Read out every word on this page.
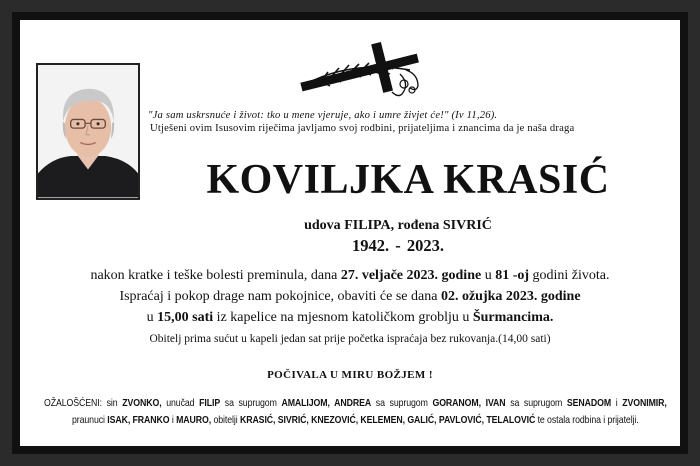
"Ja sam uskrsnuće i život: tko u mene vjeruje, ako i umre živjet će!" (Iv 11,26).
Utješeni ovim Isusovim riječima javljamo svoj rodbini, prijateljima i znancima da je naša draga
KOVILJKA KRASIĆ
udova FILIPA, rođena SIVRIĆ
1942. - 2023.
nakon kratke i teške bolesti preminula, dana 27. veljače 2023. godine u 81 -oj godini života.
Ispraćaj i pokop drage nam pokojnice, obaviti će se dana 02. ožujka 2023. godine
u 15,00 sati iz kapelice na mjesnom katoličkom groblju u Šurmancima.
Obitelj prima sućut u kapeli jedan sat prije početka ispraćaja bez rukovanja.(14,00 sati)
POČIVALA U MIRU BOŽJEM !
OŽALOŠĆENI: sin ZVONKO, unučad FILIP sa suprugom AMALIJOM, ANDREA sa suprugom GORANOM, IVAN sa suprugom SENADOM i ZVONIMIR,
praunuci ISAK, FRANKO i MAURO, obitelji KRASIĆ, SIVRIĆ, KNEZOVIĆ, KELEMEN, GALIĆ, PAVLOVIĆ, TELALOVIĆ te ostala rodbina i prijatelji.
